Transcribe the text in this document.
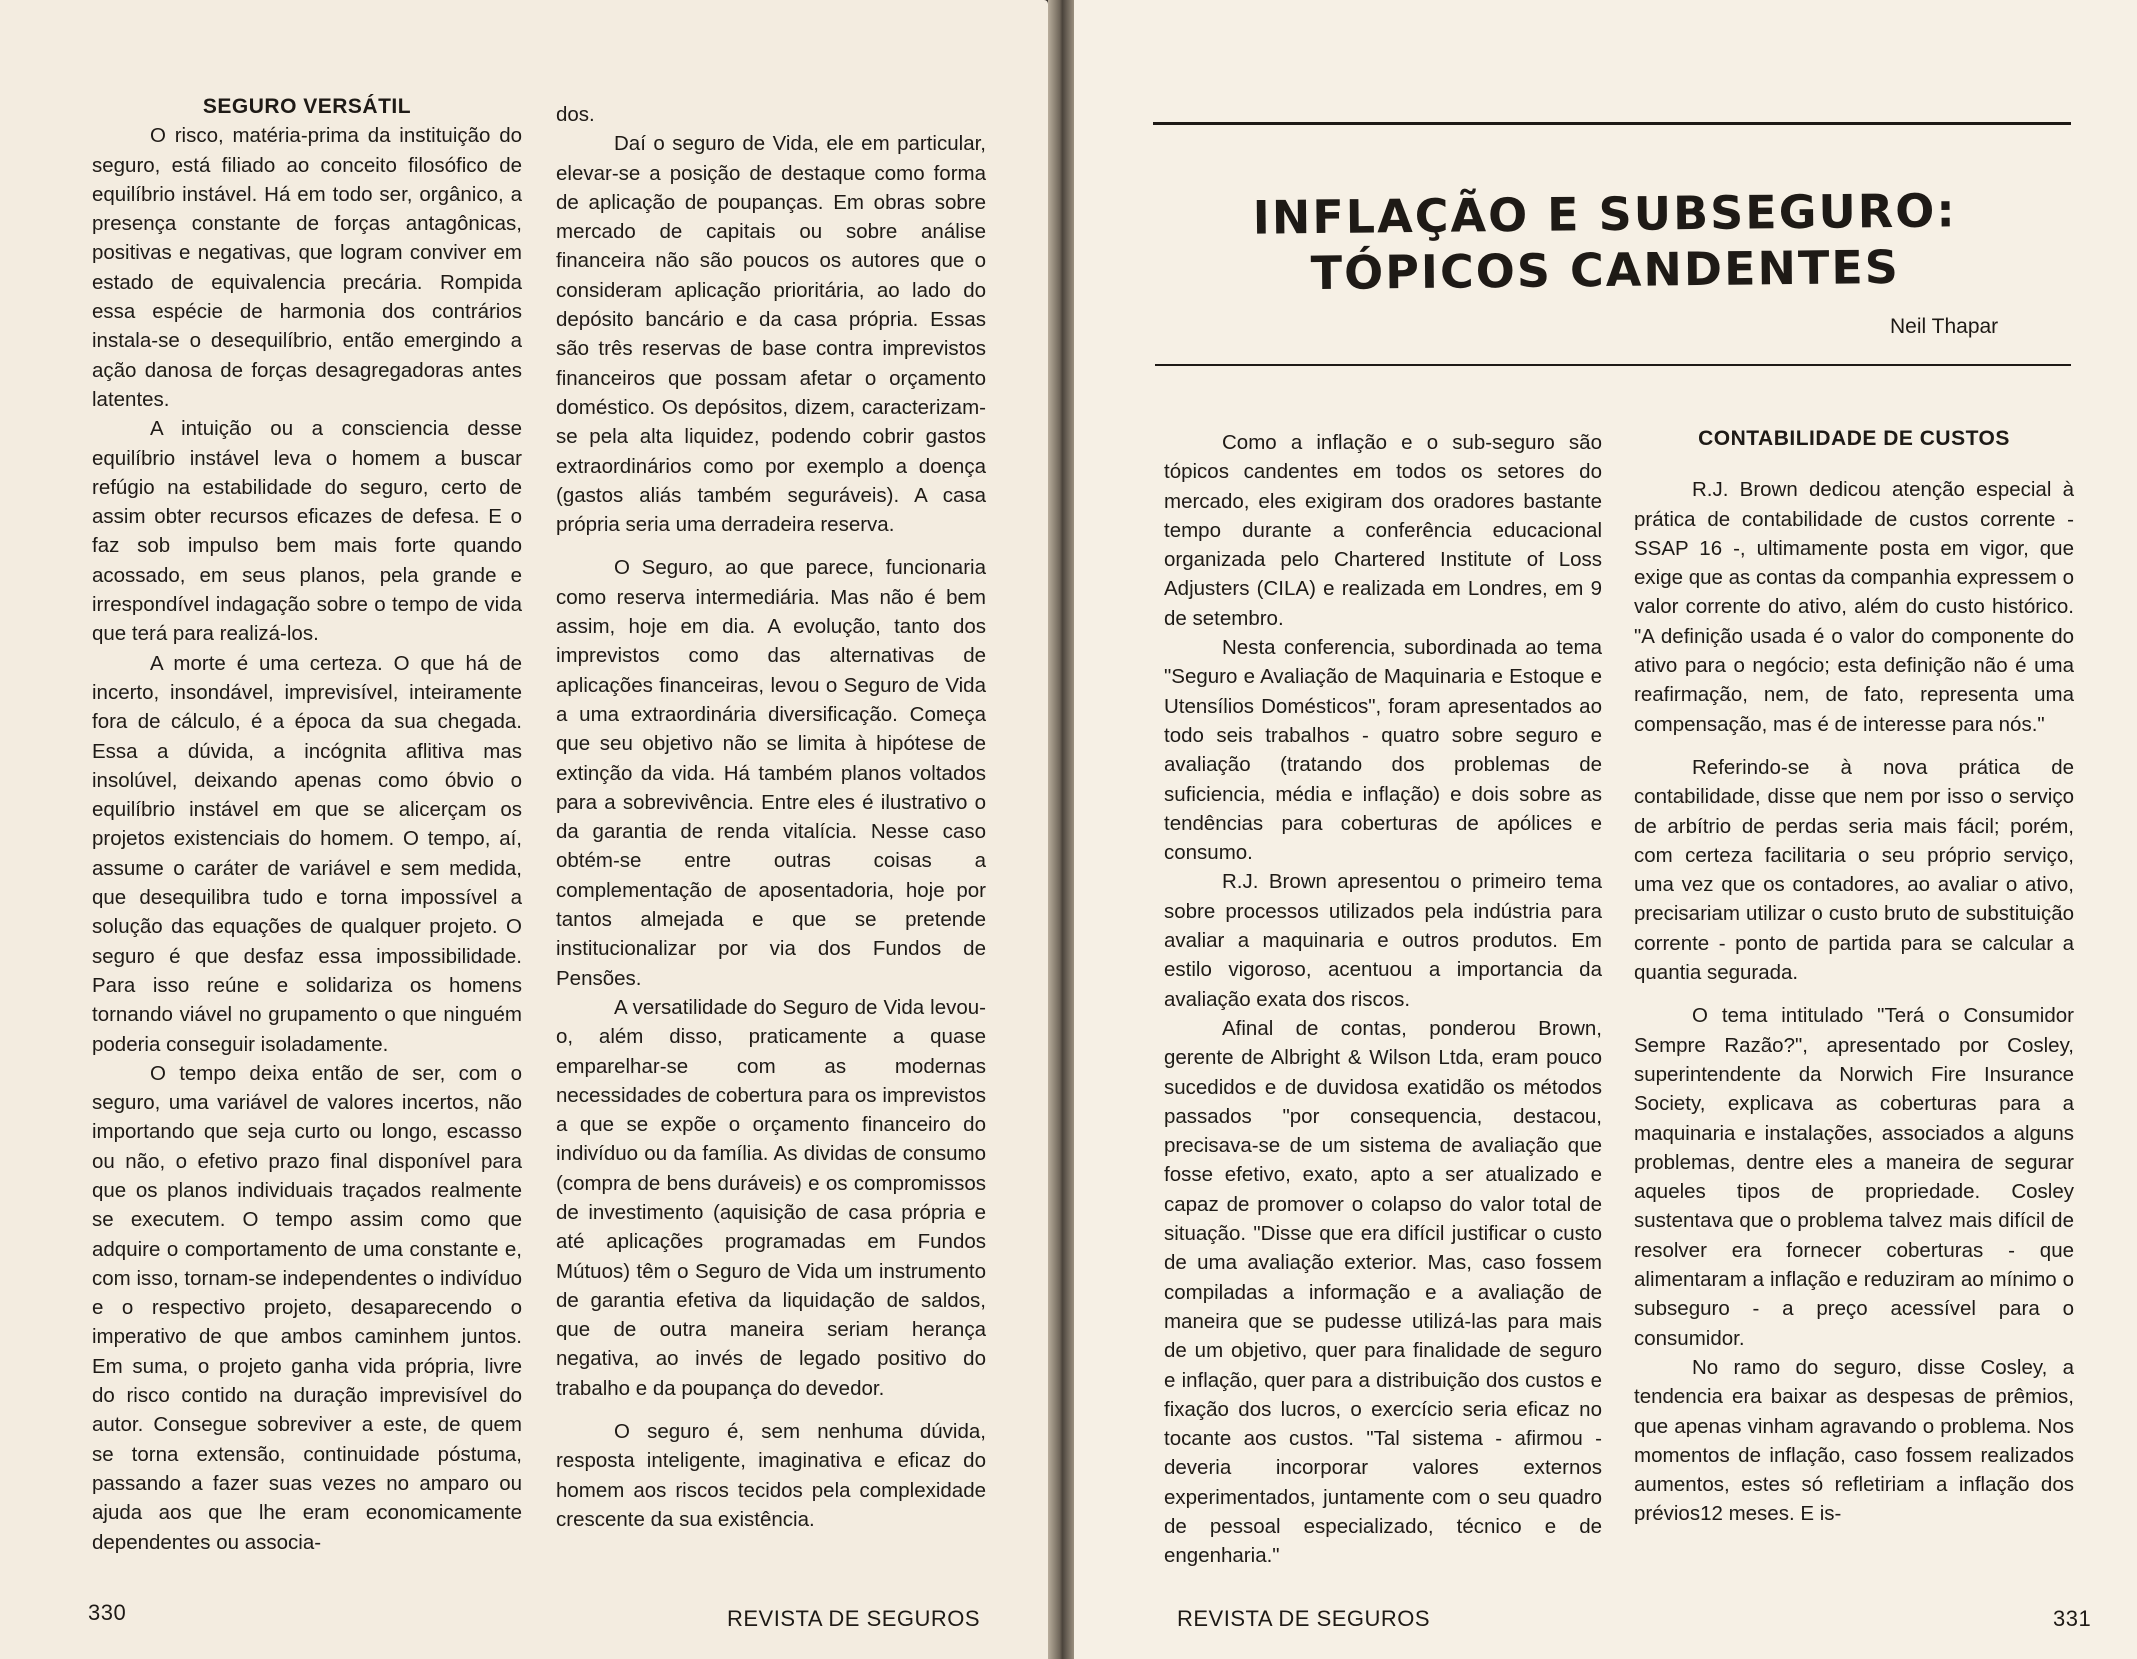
SEGURO VERSÁTIL

O risco, matéria-prima da instituição do seguro, está filiado ao conceito filosófico de equilíbrio instável. Há em todo ser, orgânico, a presença constante de forças antagônicas, positivas e negativas, que logram conviver em estado de equivalencia precária. Rompida essa espécie de harmonia dos contrários instala-se o desequilíbrio, então emergindo a ação danosa de forças desagregadoras antes latentes.

A intuição ou a consciencia desse equilíbrio instável leva o homem a buscar refúgio na estabilidade do seguro, certo de assim obter recursos eficazes de defesa. E o faz sob impulso bem mais forte quando acossado, em seus planos, pela grande e irrespondível indagação sobre o tempo de vida que terá para realizá-los.

A morte é uma certeza. O que há de incerto, insondável, imprevisível, inteiramente fora de cálculo, é a época da sua chegada. Essa a dúvida, a incógnita aflitiva mas insolúvel, deixando apenas como óbvio o equilíbrio instável em que se alicerçam os projetos existenciais do homem. O tempo, aí, assume o caráter de variável e sem medida, que desequilibra tudo e torna impossível a solução das equações de qualquer projeto. O seguro é que desfaz essa impossibilidade. Para isso reúne e solidariza os homens tornando viável no grupamento o que ninguém poderia conseguir isoladamente.

O tempo deixa então de ser, com o seguro, uma variável de valores incertos, não importando que seja curto ou longo, escasso ou não, o efetivo prazo final disponível para que os planos individuais traçados realmente se executem. O tempo assim como que adquire o comportamento de uma constante e, com isso, tornam-se independentes o indivíduo e o respectivo projeto, desaparecendo o imperativo de que ambos caminhem juntos. Em suma, o projeto ganha vida própria, livre do risco contido na duração imprevisível do autor. Consegue sobreviver a este, de quem se torna extensão, continuidade póstuma, passando a fazer suas vezes no amparo ou ajuda aos que lhe eram economicamente dependentes ou associa-

dos.

Daí o seguro de Vida, ele em particular, elevar-se a posição de destaque como forma de aplicação de poupanças. Em obras sobre mercado de capitais ou sobre análise financeira não são poucos os autores que o consideram aplicação prioritária, ao lado do depósito bancário e da casa própria. Essas são três reservas de base contra imprevistos financeiros que possam afetar o orçamento doméstico. Os depósitos, dizem, caracterizam-se pela alta liquidez, podendo cobrir gastos extraordinários como por exemplo a doença (gastos aliás também seguráveis). A casa própria seria uma derradeira reserva.

O Seguro, ao que parece, funcionaria como reserva intermediária. Mas não é bem assim, hoje em dia. A evolução, tanto dos imprevistos como das alternativas de aplicações financeiras, levou o Seguro de Vida a uma extraordinária diversificação. Começa que seu objetivo não se limita à hipótese de extinção da vida. Há também planos voltados para a sobrevivência. Entre eles é ilustrativo o da garantia de renda vitalícia. Nesse caso obtém-se entre outras coisas a complementação de aposentadoria, hoje por tantos almejada e que se pretende institucionalizar por via dos Fundos de Pensões.

A versatilidade do Seguro de Vida levou-o, além disso, praticamente a quase emparelhar-se com as modernas necessidades de cobertura para os imprevistos a que se expõe o orçamento financeiro do indivíduo ou da família. As dividas de consumo (compra de bens duráveis) e os compromissos de investimento (aquisição de casa própria e até aplicações programadas em Fundos Mútuos) têm o Seguro de Vida um instrumento de garantia efetiva da liquidação de saldos, que de outra maneira seriam herança negativa, ao invés de legado positivo do trabalho e da poupança do devedor.

O seguro é, sem nenhuma dúvida, resposta inteligente, imaginativa e eficaz do homem aos riscos tecidos pela complexidade crescente da sua existência.

330	REVISTA DE SEGUROS
INFLAÇÃO E SUBSEGURO:
TÓPICOS CANDENTES
Neil Thapar

Como a inflação e o sub-seguro são tópicos candentes em todos os setores do mercado, eles exigiram dos oradores bastante tempo durante a conferência educacional organizada pelo Chartered Institute of Loss Adjusters (CILA) e realizada em Londres, em 9 de setembro.

Nesta conferencia, subordinada ao tema "Seguro e Avaliação de Maquinaria e Estoque e Utensílios Domésticos", foram apresentados ao todo seis trabalhos - quatro sobre seguro e avaliação (tratando dos problemas de suficiencia, média e inflação) e dois sobre as tendências para coberturas de apólices e consumo.

R.J. Brown apresentou o primeiro tema sobre processos utilizados pela indústria para avaliar a maquinaria e outros produtos. Em estilo vigoroso, acentuou a importancia da avaliação exata dos riscos.

Afinal de contas, ponderou Brown, gerente de Albright & Wilson Ltda, eram pouco sucedidos e de duvidosa exatidão os métodos passados "por consequencia, destacou, precisava-se de um sistema de avaliação que fosse efetivo, exato, apto a ser atualizado e capaz de promover o colapso do valor total de situação. "Disse que era difícil justificar o custo de uma avaliação exterior. Mas, caso fossem compiladas a informação e a avaliação de maneira que se pudesse utilizá-las para mais de um objetivo, quer para finalidade de seguro e inflação, quer para a distribuição dos custos e fixação dos lucros, o exercício seria eficaz no tocante aos custos. "Tal sistema - afirmou - deveria incorporar valores externos experimentados, juntamente com o seu quadro de pessoal especializado, técnico e de engenharia."

CONTABILIDADE DE CUSTOS

R.J. Brown dedicou atenção especial à prática de contabilidade de custos corrente - SSAP 16 -, ultimamente posta em vigor, que exige que as contas da companhia expressem o valor corrente do ativo, além do custo histórico. "A definição usada é o valor do componente do ativo para o negócio; esta definição não é uma reafirmação, nem, de fato, representa uma compensação, mas é de interesse para nós."

Referindo-se à nova prática de contabilidade, disse que nem por isso o serviço de arbítrio de perdas seria mais fácil; porém, com certeza facilitaria o seu próprio serviço, uma vez que os contadores, ao avaliar o ativo, precisariam utilizar o custo bruto de substituição corrente - ponto de partida para se calcular a quantia segurada.

O tema intitulado "Terá o Consumidor Sempre Razão?", apresentado por Cosley, superintendente da Norwich Fire Insurance Society, explicava as coberturas para a maquinaria e instalações, associados a alguns problemas, dentre eles a maneira de segurar aqueles tipos de propriedade. Cosley sustentava que o problema talvez mais difícil de resolver era fornecer coberturas - que alimentaram a inflação e reduziram ao mínimo o subseguro - a preço acessível para o consumidor.

No ramo do seguro, disse Cosley, a tendencia era baixar as despesas de prêmios, que apenas vinham agravando o problema. Nos momentos de inflação, caso fossem realizados aumentos, estes só refletiriam a inflação dos prévios12 meses. E is-

REVISTA DE SEGUROS	331
